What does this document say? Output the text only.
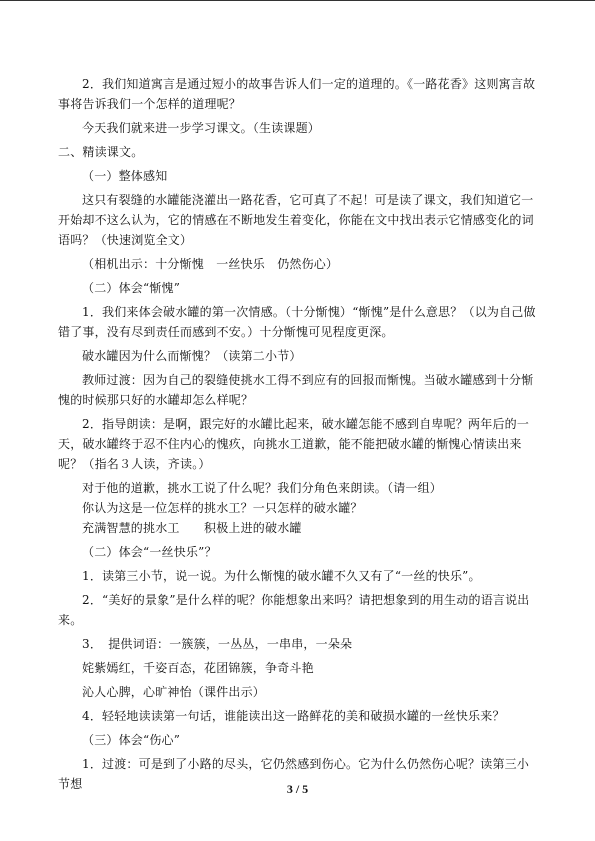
2．我们知道寓言是通过短小的故事告诉人们一定的道理的。《一路花香》这则寓言故事将告诉我们一个怎样的道理呢？

今天我们就来进一步学习课文。（生读课题）

二、精读课文。

（一）整体感知

这只有裂缝的水罐能浇灌出一路花香，它可真了不起！可是读了课文，我们知道它一开始却不这么认为，它的情感在不断地发生着变化，你能在文中找出表示它情感变化的词语吗？（快速浏览全文）

（相机出示：十分惭愧　一丝快乐　仍然伤心）

（二）体会“惭愧”

1．我们来体会破水罐的第一次情感。（十分惭愧）“惭愧”是什么意思？（以为自己做错了事，没有尽到责任而感到不安。）十分惭愧可见程度更深。

破水罐因为什么而惭愧？（读第二小节）

教师过渡：因为自己的裂缝使挑水工得不到应有的回报而惭愧。当破水罐感到十分惭愧的时候那只好的水罐却怎么样呢？

2．指导朗读：是啊，跟完好的水罐比起来，破水罐怎能不感到自卑呢？两年后的一天，破水罐终于忍不住内心的愧疚，向挑水工道歉，能不能把破水罐的惭愧心情读出来呢？（指名３人读，齐读。）

对于他的道歉，挑水工说了什么呢？我们分角色来朗读。（请一组）

你认为这是一位怎样的挑水工？一只怎样的破水罐？

充满智慧的挑水工　　积极上进的破水罐

（二）体会“一丝快乐”？

1．读第三小节，说一说。为什么惭愧的破水罐不久又有了“一丝的快乐”。

2．“美好的景象”是什么样的呢？你能想象出来吗？请把想象到的用生动的语言说出来。

3．　提供词语：一簇簇，一丛丛，一串串，一朵朵

姹紫嫣红，千姿百态，花团锦簇，争奇斗艳

沁人心脾，心旷神怡（课件出示）

4．轻轻地读读第一句话，谁能读出这一路鲜花的美和破损水罐的一丝快乐来？

（三）体会“伤心”

1．过渡：可是到了小路的尽头，它仍然感到伤心。它为什么仍然伤心呢？读第三小节想	3 / 5
